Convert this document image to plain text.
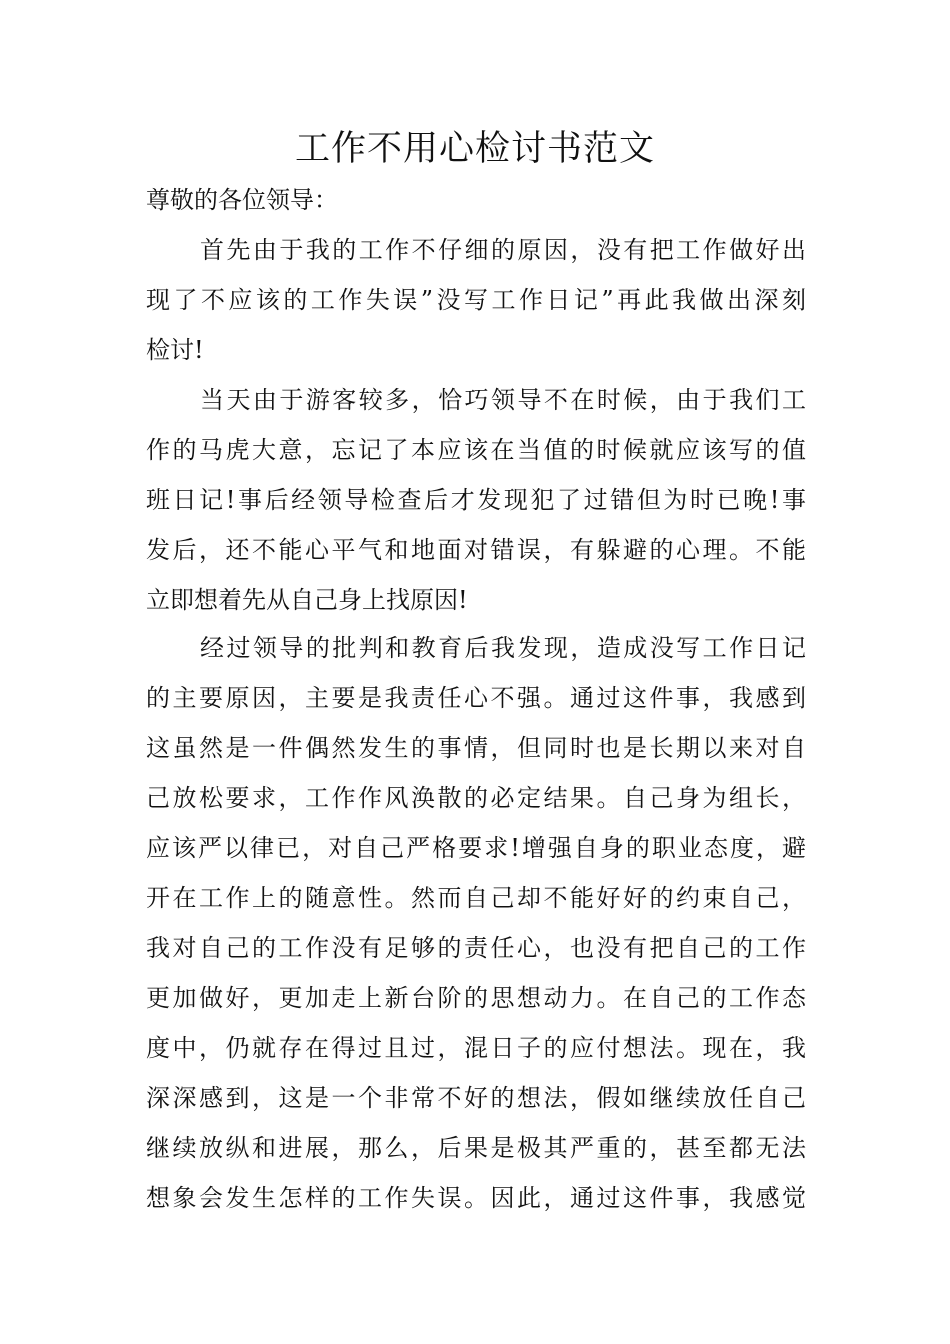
工作不用心检讨书范文

尊敬的各位领导：

首先由于我的工作不仔细的原因，没有把工作做好出

现了不应该的工作失误”没写工作日记”再此我做出深刻

检讨!

当天由于游客较多，恰巧领导不在时候，由于我们工

作的马虎大意，忘记了本应该在当值的时候就应该写的值

班日记!事后经领导检查后才发现犯了过错但为时已晚!事

发后，还不能心平气和地面对错误，有躲避的心理。不能

立即想着先从自己身上找原因!

经过领导的批判和教育后我发现，造成没写工作日记

的主要原因，主要是我责任心不强。通过这件事，我感到

这虽然是一件偶然发生的事情，但同时也是长期以来对自

己放松要求，工作作风涣散的必定结果。自己身为组长，

应该严以律已，对自己严格要求!增强自身的职业态度，避

开在工作上的随意性。然而自己却不能好好的约束自己，

我对自己的工作没有足够的责任心，也没有把自己的工作

更加做好，更加走上新台阶的思想动力。在自己的工作态

度中，仍就存在得过且过，混日子的应付想法。现在，我

深深感到，这是一个非常不好的想法，假如继续放任自己

继续放纵和进展，那么，后果是极其严重的，甚至都无法

想象会发生怎样的工作失误。因此，通过这件事，我感觉
